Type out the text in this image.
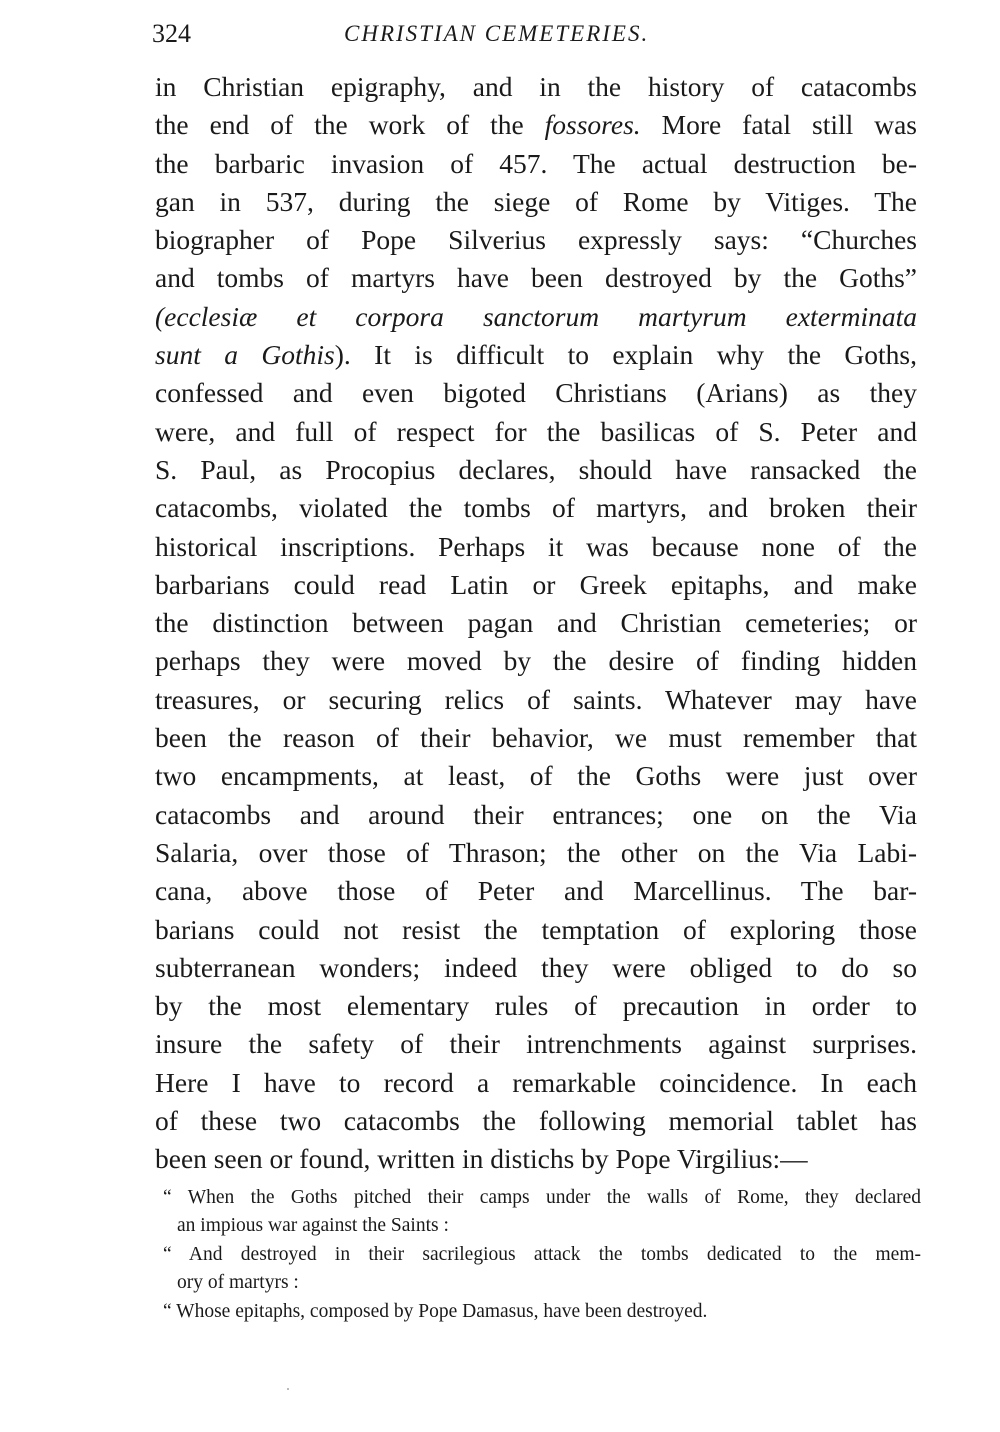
324	CHRISTIAN CEMETERIES.
in Christian epigraphy, and in the history of catacombs
the end of the work of the fossores. More fatal still was
the barbaric invasion of 457. The actual destruction be-
gan in 537, during the siege of Rome by Vitiges. The
biographer of Pope Silverius expressly says: “Churches
and tombs of martyrs have been destroyed by the Goths”
(ecclesiæ et corpora sanctorum martyrum exterminata
sunt a Gothis). It is difficult to explain why the Goths,
confessed and even bigoted Christians (Arians) as they
were, and full of respect for the basilicas of S. Peter and
S. Paul, as Procopius declares, should have ransacked the
catacombs, violated the tombs of martyrs, and broken their
historical inscriptions. Perhaps it was because none of the
barbarians could read Latin or Greek epitaphs, and make
the distinction between pagan and Christian cemeteries; or
perhaps they were moved by the desire of finding hidden
treasures, or securing relics of saints. Whatever may have
been the reason of their behavior, we must remember that
two encampments, at least, of the Goths were just over
catacombs and around their entrances; one on the Via
Salaria, over those of Thrason; the other on the Via Labi-
cana, above those of Peter and Marcellinus. The bar-
barians could not resist the temptation of exploring those
subterranean wonders; indeed they were obliged to do so
by the most elementary rules of precaution in order to
insure the safety of their intrenchments against surprises.
Here I have to record a remarkable coincidence. In each
of these two catacombs the following memorial tablet has
been seen or found, written in distichs by Pope Virgilius:—
“ When the Goths pitched their camps under the walls of Rome, they declared
an impious war against the Saints :
“ And destroyed in their sacrilegious attack the tombs dedicated to the mem-
ory of martyrs :
“ Whose epitaphs, composed by Pope Damasus, have been destroyed.
